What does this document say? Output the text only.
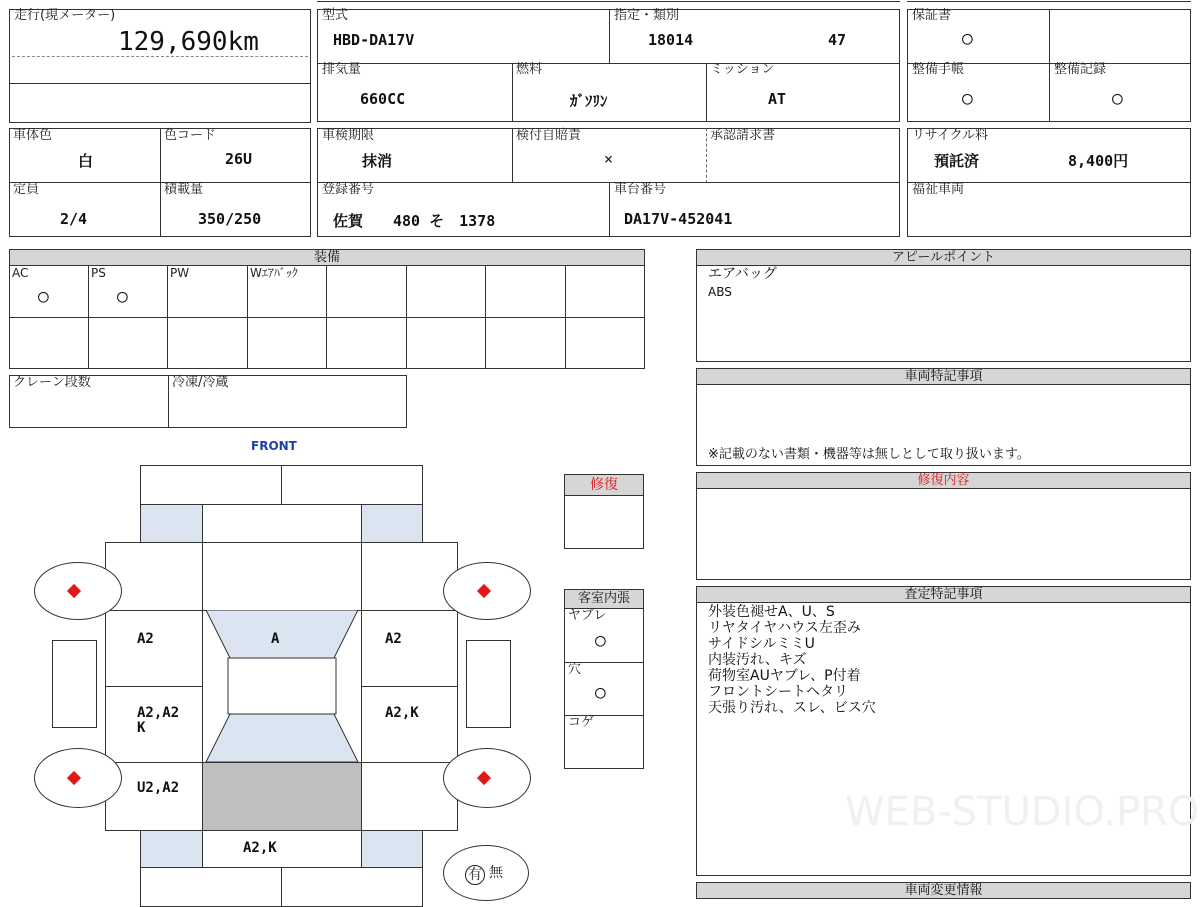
走行(現メーター)
129,690km
型式
HBD-DA17V
指定・類別
18014	47
排気量
660CC
燃料
ｶﾞｿﾘﾝ
ミッション
AT
保証書
○
整備手帳
○
整備記録
○
車体色
白
色コード
26U
定員
2/4
積載量
350/250
車検期限
抹消
検付自賠責
×
承認請求書
登録番号
佐賀　　480 そ　1378
車台番号
DA17V-452041
リサイクル料
預託済	8,400円
福祉車両
装備
AC
○
PS
○
PW	Wｴｱﾊﾞｯｸ
クレーン段数	冷凍/冷蔵
アピールポイント
エアバッグ
ABS
車両特記事項
※記載のない書類・機器等は無しとして取り扱います。
修復内容
査定特記事項
外装色褪せA、U、S
リヤタイヤハウス左歪み
サイドシルミミU
内装汚れ、キズ
荷物室AUヤブレ、P付着
フロントシートヘタリ
天張り汚れ、スレ、ビス穴
WEB-STUDIO.PRO
車両変更情報
修復
客室内張
ヤブレ
○
穴
○
コゲ
有 無
FRONT
A2	A	A2
A2,A2
K
A2,K
U2,A2
A2,K
